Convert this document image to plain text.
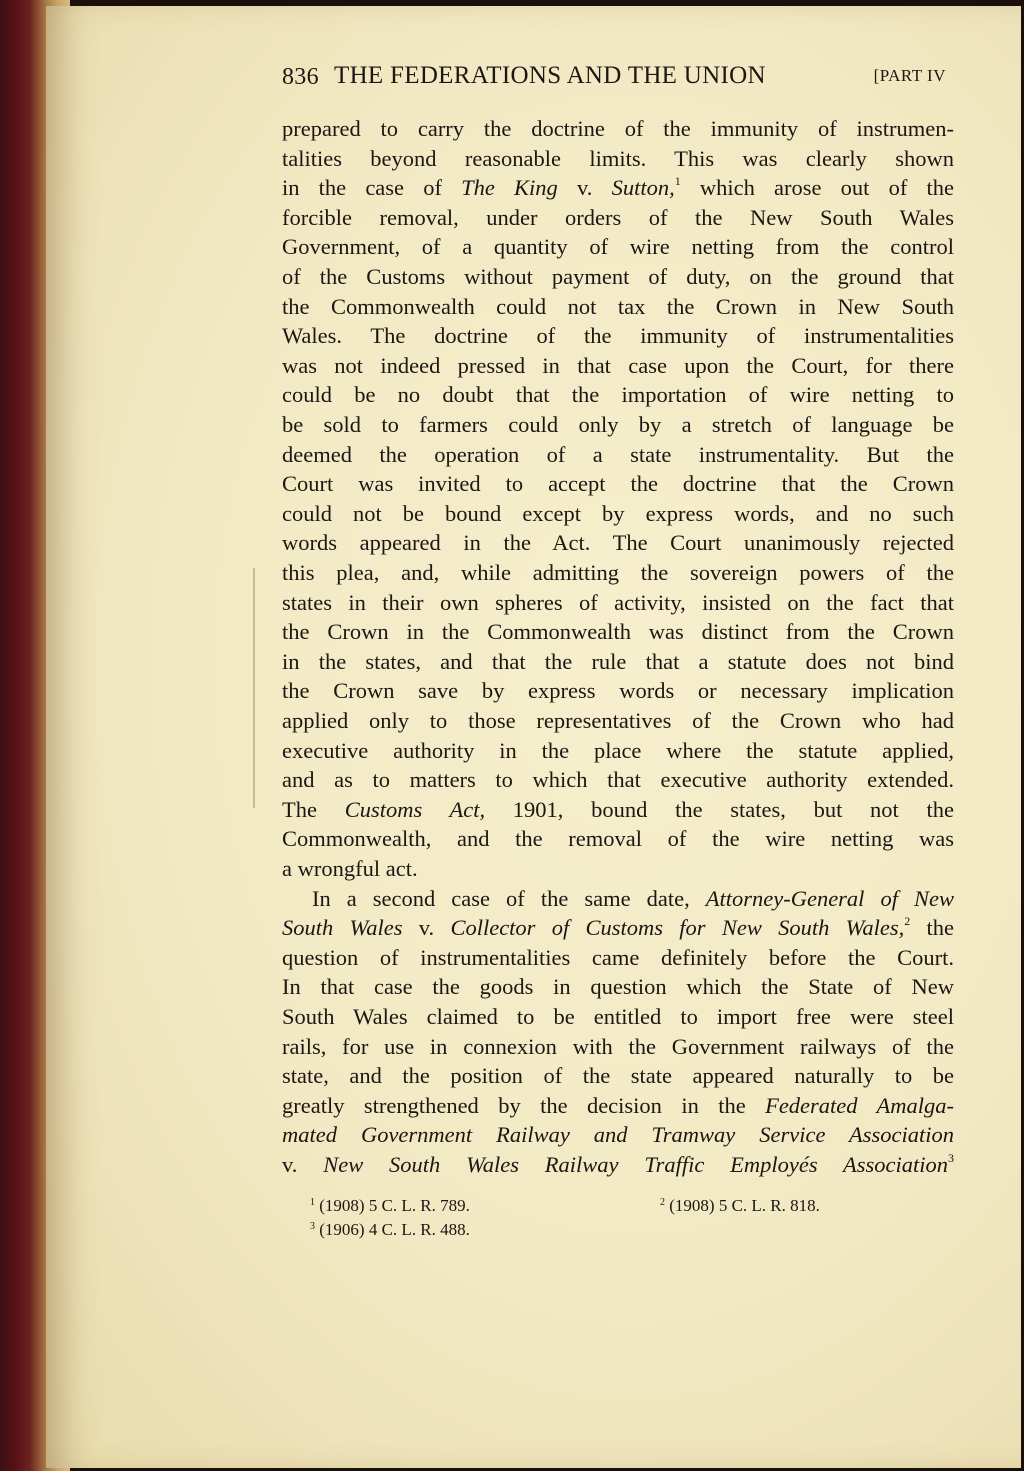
836 THE FEDERATIONS AND THE UNION	[PART IV
prepared to carry the doctrine of the immunity of instrumen-
talities beyond reasonable limits. This was clearly shown
in the case of The King v. Sutton,$^1$ which arose out of the
forcible removal, under orders of the New South Wales
Government, of a quantity of wire netting from the control
of the Customs without payment of duty, on the ground that
the Commonwealth could not tax the Crown in New South
Wales. The doctrine of the immunity of instrumentalities
was not indeed pressed in that case upon the Court, for there
could be no doubt that the importation of wire netting to
be sold to farmers could only by a stretch of language be
deemed the operation of a state instrumentality. But the
Court was invited to accept the doctrine that the Crown
could not be bound except by express words, and no such
words appeared in the Act. The Court unanimously rejected
this plea, and, while admitting the sovereign powers of the
states in their own spheres of activity, insisted on the fact that
the Crown in the Commonwealth was distinct from the Crown
in the states, and that the rule that a statute does not bind
the Crown save by express words or necessary implication
applied only to those representatives of the Crown who had
executive authority in the place where the statute applied,
and as to matters to which that executive authority extended.
The Customs Act, 1901, bound the states, but not the
Commonwealth, and the removal of the wire netting was
a wrongful act.
In a second case of the same date, Attorney-General of New
South Wales v. Collector of Customs for New South Wales,$^2$ the
question of instrumentalities came definitely before the Court.
In that case the goods in question which the State of New
South Wales claimed to be entitled to import free were steel
rails, for use in connexion with the Government railways of the
state, and the position of the state appeared naturally to be
greatly strengthened by the decision in the Federated Amalga-
mated Government Railway and Tramway Service Association
v. New South Wales Railway Traffic Employés Association$^3$
$^1$ (1908) 5 C. L. R. 789.	$^2$ (1908) 5 C. L. R. 818.
$^3$ (1906) 4 C. L. R. 488.
